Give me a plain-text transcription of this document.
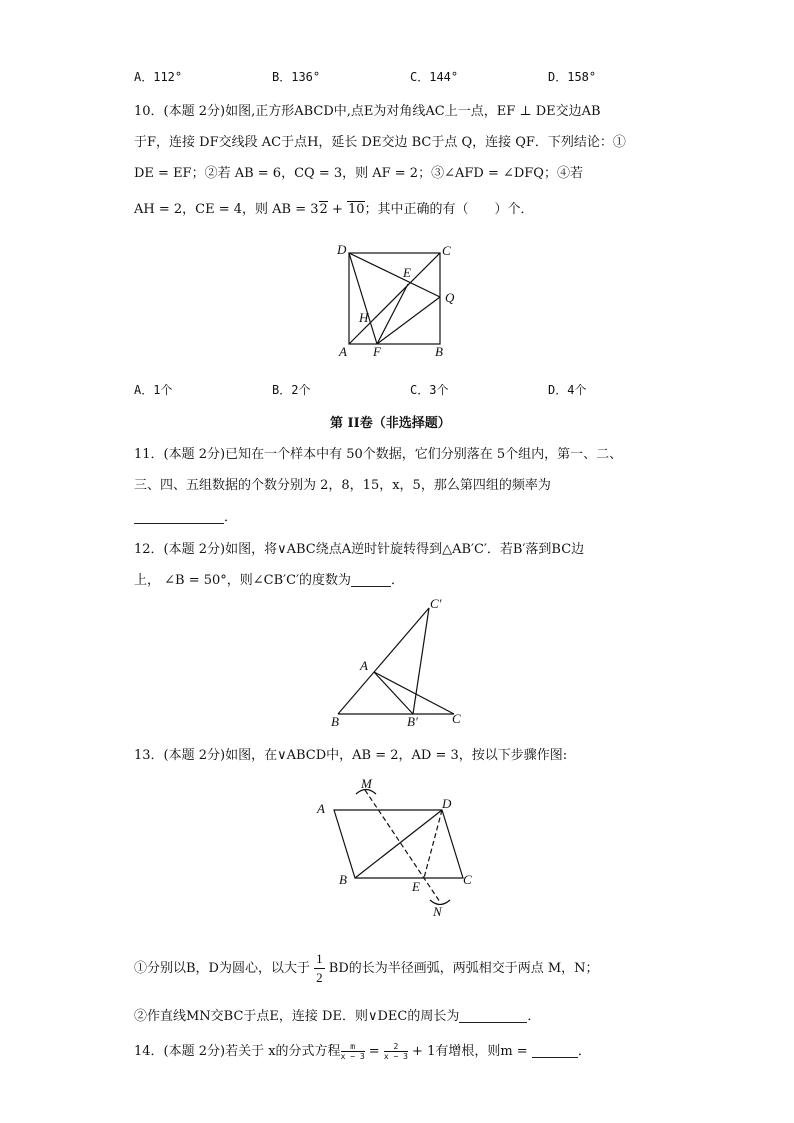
A．112°	B．136°	C．144°	D．158°
10．(本题 2分)如图,正方形ABCD中,点E为对角线AC上一点，EF ⊥ DE交边AB
于F，连接 DF交线段 AC于点H，延长 DE交边 BC于点 Q，连接 QF．下列结论：①
DE = EF；②若 AB = 6，CQ = 3，则 AF = 2；③∠AFD = ∠DFQ；④若
AH = 2，CE = 4，则 AB = 32 + 10；其中正确的有（　　）个．
D	C
E
Q
H
A F	B
A．1个	B．2个	C．3个	D．4个
第 II卷（非选择题）
11．(本题 2分)已知在一个样本中有 50个数据，它们分别落在 5个组内，第一、二、
三、四、五组数据的个数分别为 2，8，15，x，5，那么第四组的频率为
．
12．(本题 2分)如图，将∨ABC绕点A逆时针旋转得到△AB′C′．若B′落到BC边
上， ∠B = 50°，则∠CB′C′的度数为	．
C′
A
B	B′	C
13．(本题 2分)如图，在∨ABCD中，AB = 2，AD = 3，按以下步骤作图:
M
A	D
B	E	C
N
①分别以B，D为圆心，以大于 $\frac{1}{2}$ BD的长为半径画弧，两弧相交于两点 M，N；
②作直线MN交BC于点E，连接 DE．则∨DEC的周长为	．
14．(本题 2分)若关于 x的分式方程 $\frac{m}{x - 3} = \frac{2}{x - 3} + 1$有增根，则m =	．
